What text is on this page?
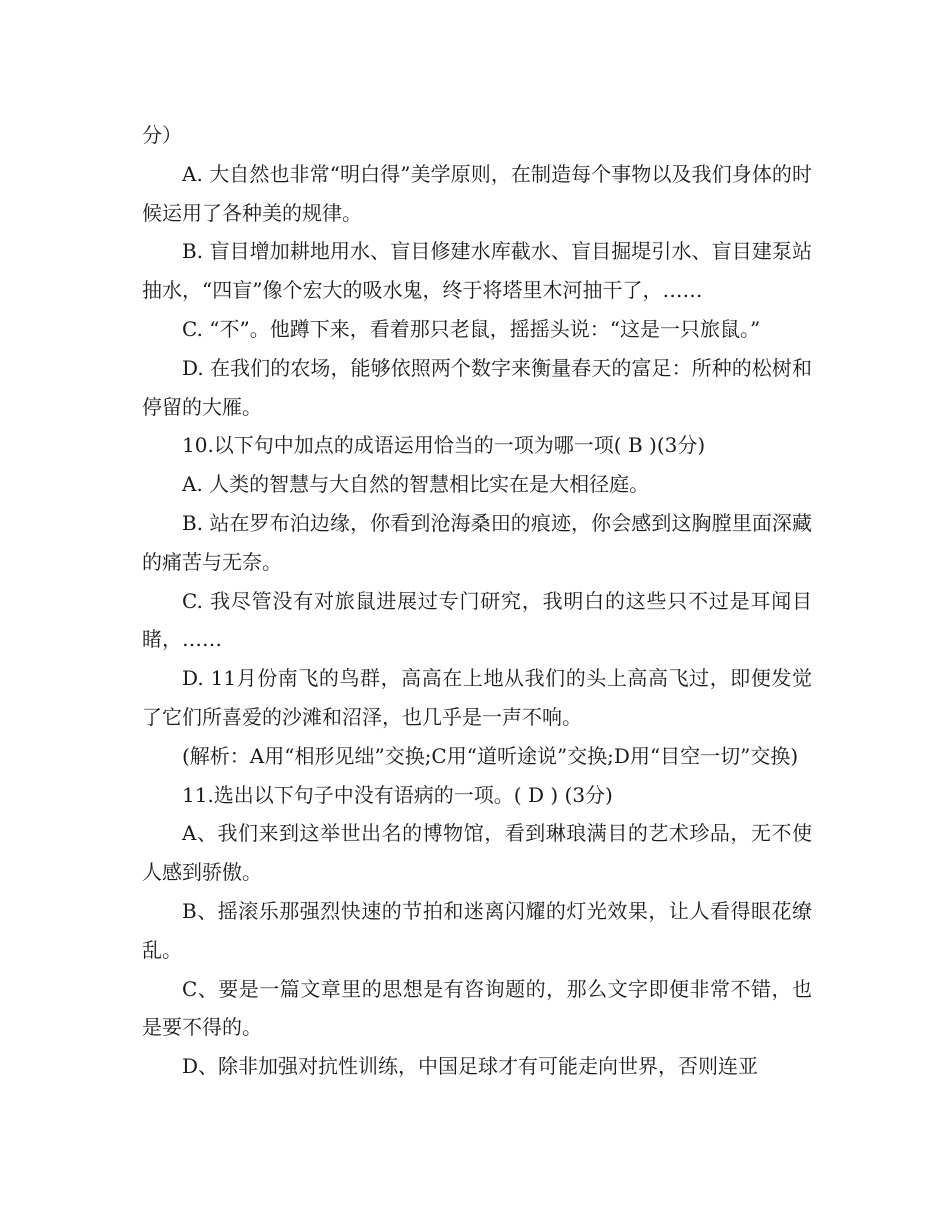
分）

A. 大自然也非常“明白得”美学原则，在制造每个事物以及我们身体的时候运用了各种美的规律。

B. 盲目增加耕地用水、盲目修建水库截水、盲目掘堤引水、盲目建泵站抽水，“四盲”像个宏大的吸水鬼，终于将塔里木河抽干了，……

C. “不”。他蹲下来，看着那只老鼠，摇摇头说：“这是一只旅鼠。”

D. 在我们的农场，能够依照两个数字来衡量春天的富足：所种的松树和停留的大雁。

10.以下句中加点的成语运用恰当的一项为哪一项( B )(3分)

A. 人类的智慧与大自然的智慧相比实在是大相径庭。

B. 站在罗布泊边缘，你看到沧海桑田的痕迹，你会感到这胸膛里面深藏的痛苦与无奈。

C. 我尽管没有对旅鼠进展过专门研究，我明白的这些只不过是耳闻目睹，……

D. 11月份南飞的鸟群，高高在上地从我们的头上高高飞过，即便发觉了它们所喜爱的沙滩和沼泽，也几乎是一声不响。

(解析：A用“相形见绌”交换;C用“道听途说”交换;D用“目空一切”交换)

11.选出以下句子中没有语病的一项。( D ) (3分)

A、我们来到这举世出名的博物馆，看到琳琅满目的艺术珍品，无不使人感到骄傲。

B、摇滚乐那强烈快速的节拍和迷离闪耀的灯光效果，让人看得眼花缭乱。

C、要是一篇文章里的思想是有咨询题的，那么文字即便非常不错，也是要不得的。

D、除非加强对抗性训练，中国足球才有可能走向世界，否则连亚
